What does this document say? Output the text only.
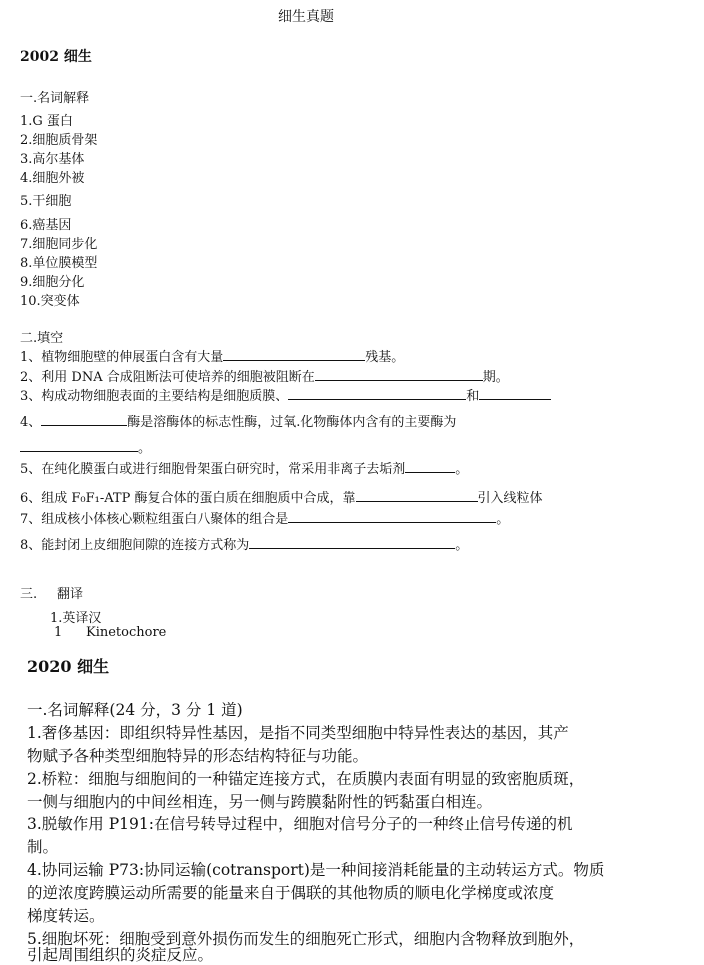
细生真题
2002 细生
一.名词解释
1.G 蛋白
2.细胞质骨架
3.高尔基体
4.细胞外被
5.干细胞
6.癌基因
7.细胞同步化
8.单位膜模型
9.细胞分化
10.突变体
二.填空
1、植物细胞壁的伸展蛋白含有大量	残基。
2、利用 DNA 合成阻断法可使培养的细胞被阻断在	期。
3、构成动物细胞表面的主要结构是细胞质膜、	和
4、	酶是溶酶体的标志性酶，过氧.化物酶体内含有的主要酶为
。
5、在纯化膜蛋白或进行细胞骨架蛋白研究时，常采用非离子去垢剂	。
6、组成 F₀F₁-ATP 酶复合体的蛋白质在细胞质中合成，靠	引入线粒体
7、组成核小体核心颗粒组蛋白八聚体的组合是	。
8、能封闭上皮细胞间隙的连接方式称为	。
三. 翻译
1.英译汉
1 Kinetochore
2020 细生
一.名词解释(24 分，3 分 1 道)
1.奢侈基因：即组织特异性基因，是指不同类型细胞中特异性表达的基因，其产
物赋予各种类型细胞特异的形态结构特征与功能。
2.桥粒：细胞与细胞间的一种锚定连接方式，在质膜内表面有明显的致密胞质斑，
一侧与细胞内的中间丝相连，另一侧与跨膜黏附性的钙黏蛋白相连。
3.脱敏作用 P191:在信号转导过程中，细胞对信号分子的一种终止信号传递的机
制。
4.协同运输 P73:协同运输(cotransport)是一种间接消耗能量的主动转运方式。物质
的逆浓度跨膜运动所需要的能量来自于偶联的其他物质的顺电化学梯度或浓度
梯度转运。
5.细胞坏死：细胞受到意外损伤而发生的细胞死亡形式，细胞内含物释放到胞外，
引起周围组织的炎症反应。
